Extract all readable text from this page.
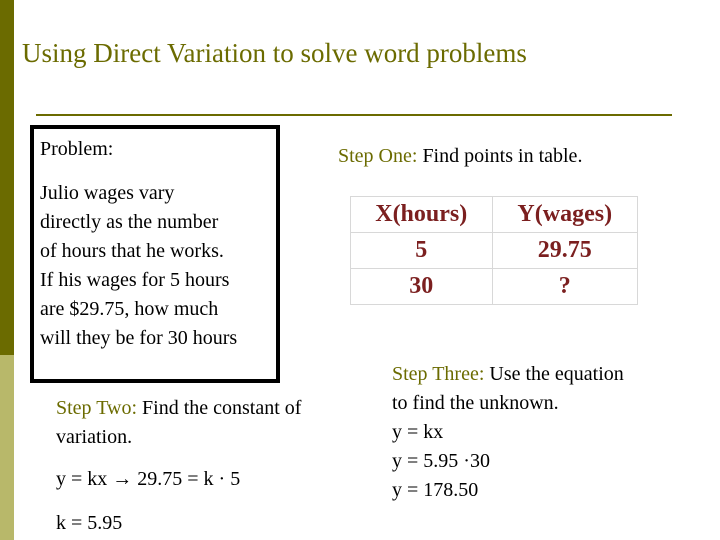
Using Direct Variation to solve word problems
Problem:
Julio wages vary
directly as the number
of hours that he works.
If his wages for 5 hours
are $29.75, how much
will they be for 30 hours
Step One: Find points in table.
X(hours)	Y(wages)
5	29.75
30	?
Step Two: Find the constant of variation.
y = kx → 29.75 = k · 5
k = 5.95
Step Three: Use the equation
to find the unknown.
y = kx
y = 5.95 ·30
y = 178.50
